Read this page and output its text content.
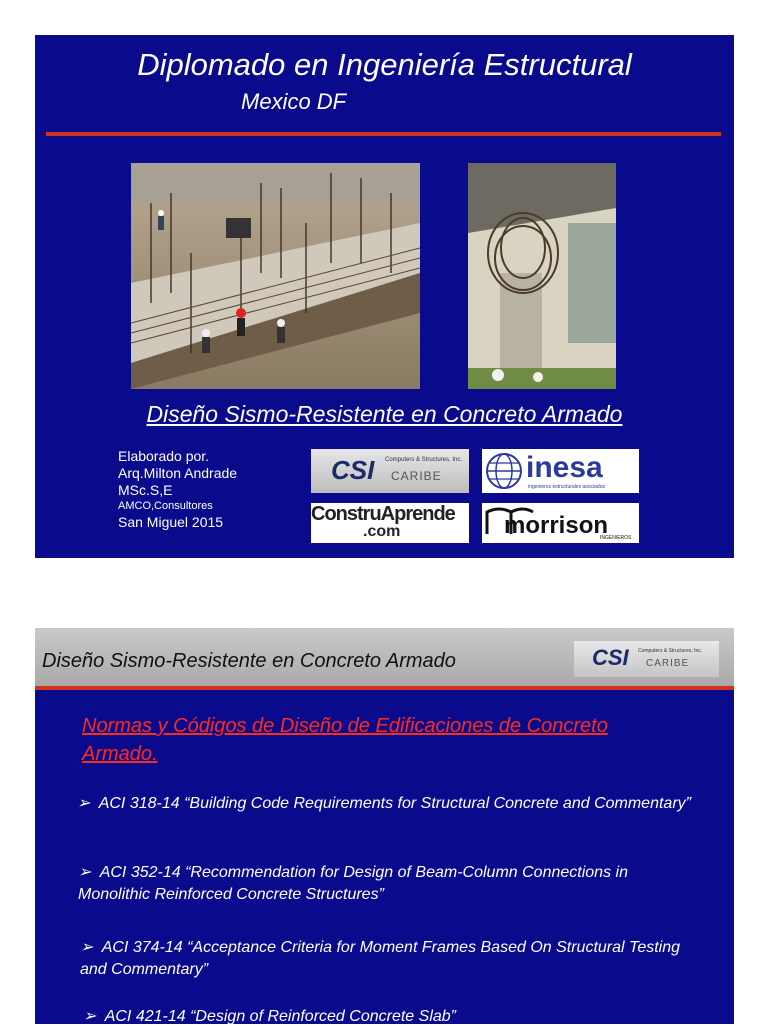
Diplomado en Ingeniería Estructural
Mexico DF
Diseño Sismo-Resistente en Concreto Armado
Elaborado por.
Arq.Milton Andrade
MSc.S,E
AMCO,Consultores
San Miguel 2015
CSI Computers & Structures, Inc.
CARIBE	inesa
ingenieros estructurales asociados
ConstruAprende
.com	morrison
INGENIEROS
Diseño Sismo-Resistente en Concreto Armado	CSI Computers & Structures, Inc.
CARIBE
Normas y Códigos de Diseño de Edificaciones de Concreto Armado.
➢  ACI 318-14 “Building Code Requirements for Structural Concrete and Commentary”
➢  ACI 352-14 “Recommendation for Design of Beam-Column Connections in Monolithic Reinforced Concrete Structures”
➢  ACI 374-14 “Acceptance Criteria for Moment Frames Based On Structural Testing and Commentary”
➢  ACI 421-14 “Design of Reinforced Concrete Slab”
